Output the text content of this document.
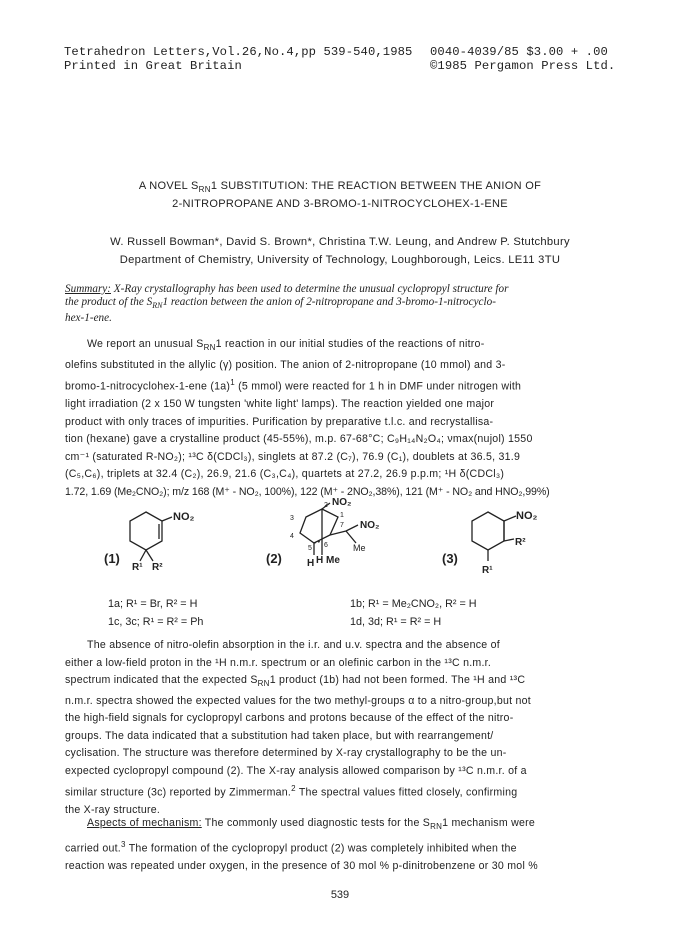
Tetrahedron Letters,Vol.26,No.4,pp 539-540,1985
Printed in Great Britain
0040-4039/85 $3.00 + .00
©1985 Pergamon Press Ltd.
A NOVEL $S_{RN}1$ SUBSTITUTION: THE REACTION BETWEEN THE ANION OF
2-NITROPROPANE AND 3-BROMO-1-NITROCYCLOHEX-1-ENE
W. Russell Bowman*, David S. Brown*, Christina T.W. Leung, and Andrew P. Stutchbury
Department of Chemistry, University of Technology, Loughborough, Leics. LE11 3TU
Summary: X-Ray crystallography has been used to determine the unusual cyclopropyl structure for
the product of the $S_{RN}1$ reaction between the anion of 2-nitropropane and 3-bromo-1-nitrocyclo-
hex-1-ene.

We report an unusual $S_{RN}1$ reaction in our initial studies of the reactions of nitro-

olefins substituted in the allylic (γ) position. The anion of 2-nitropropane (10 mmol) and 3-

bromo-1-nitrocyclohex-1-ene $(1a)^1$ (5 mmol) were reacted for 1 h in DMF under nitrogen with

light irradiation (2 x 150 W tungsten 'white light' lamps). The reaction yielded one major

product with only traces of impurities. Purification by preparative t.l.c. and recrystallisa-

tion (hexane) gave a crystalline product (45-55%), m.p. 67-68°C; C₉H₁₄N₂O₄; νmax(nujol) 1550

cm⁻¹ (saturated R-NO₂); ¹³C δ(CDCl₃), singlets at 87.2 (C₇), 76.9 (C₁), doublets at 36.5, 31.9

(C₅,C₆), triplets at 32.4 (C₂), 26.9, 21.6 (C₃,C₄), quartets at 27.2, 26.9 p.p.m; ¹H δ(CDCl₃)

1.72, 1.69 (Me₂CNO₂); m/z 168 (M⁺ - NO₂, 100%), 122 (M⁺ - 2NO₂,38%), 121 (M⁺ - NO₂ and HNO₂,99%)

NO₂
R¹ R²
(1)
NO₂
NO₂
Me
Me
H H
3
2
1
7
4
5 6
(2)
NO₂
R²
R¹
(3)
1a; R¹ = Br, R² = H
1c, 3c; R¹ = R² = Ph
1b; R¹ = Me₂CNO₂, R² = H
1d, 3d; R¹ = R² = H

The absence of nitro-olefin absorption in the i.r. and u.v. spectra and the absence of

either a low-field proton in the ¹H n.m.r. spectrum or an olefinic carbon in the ¹³C n.m.r.

spectrum indicated that the expected $S_{RN}1$ product (1b) had not been formed. The ¹H and ¹³C

n.m.r. spectra showed the expected values for the two methyl-groups α to a nitro-group,but not

the high-field signals for cyclopropyl carbons and protons because of the effect of the nitro-

groups. The data indicated that a substitution had taken place, but with rearrangement/

cyclisation. The structure was therefore determined by X-ray crystallography to be the un-

expected cyclopropyl compound (2). The X-ray analysis allowed comparison by ¹³C n.m.r. of a

similar structure (3c) reported by Zimmerman.$^2$ The spectral values fitted closely, confirming

the X-ray structure.

Aspects of mechanism: The commonly used diagnostic tests for the $S_{RN}1$ mechanism were

carried out.$^3$ The formation of the cyclopropyl product (2) was completely inhibited when the

reaction was repeated under oxygen, in the presence of 30 mol % p-dinitrobenzene or 30 mol %

539
